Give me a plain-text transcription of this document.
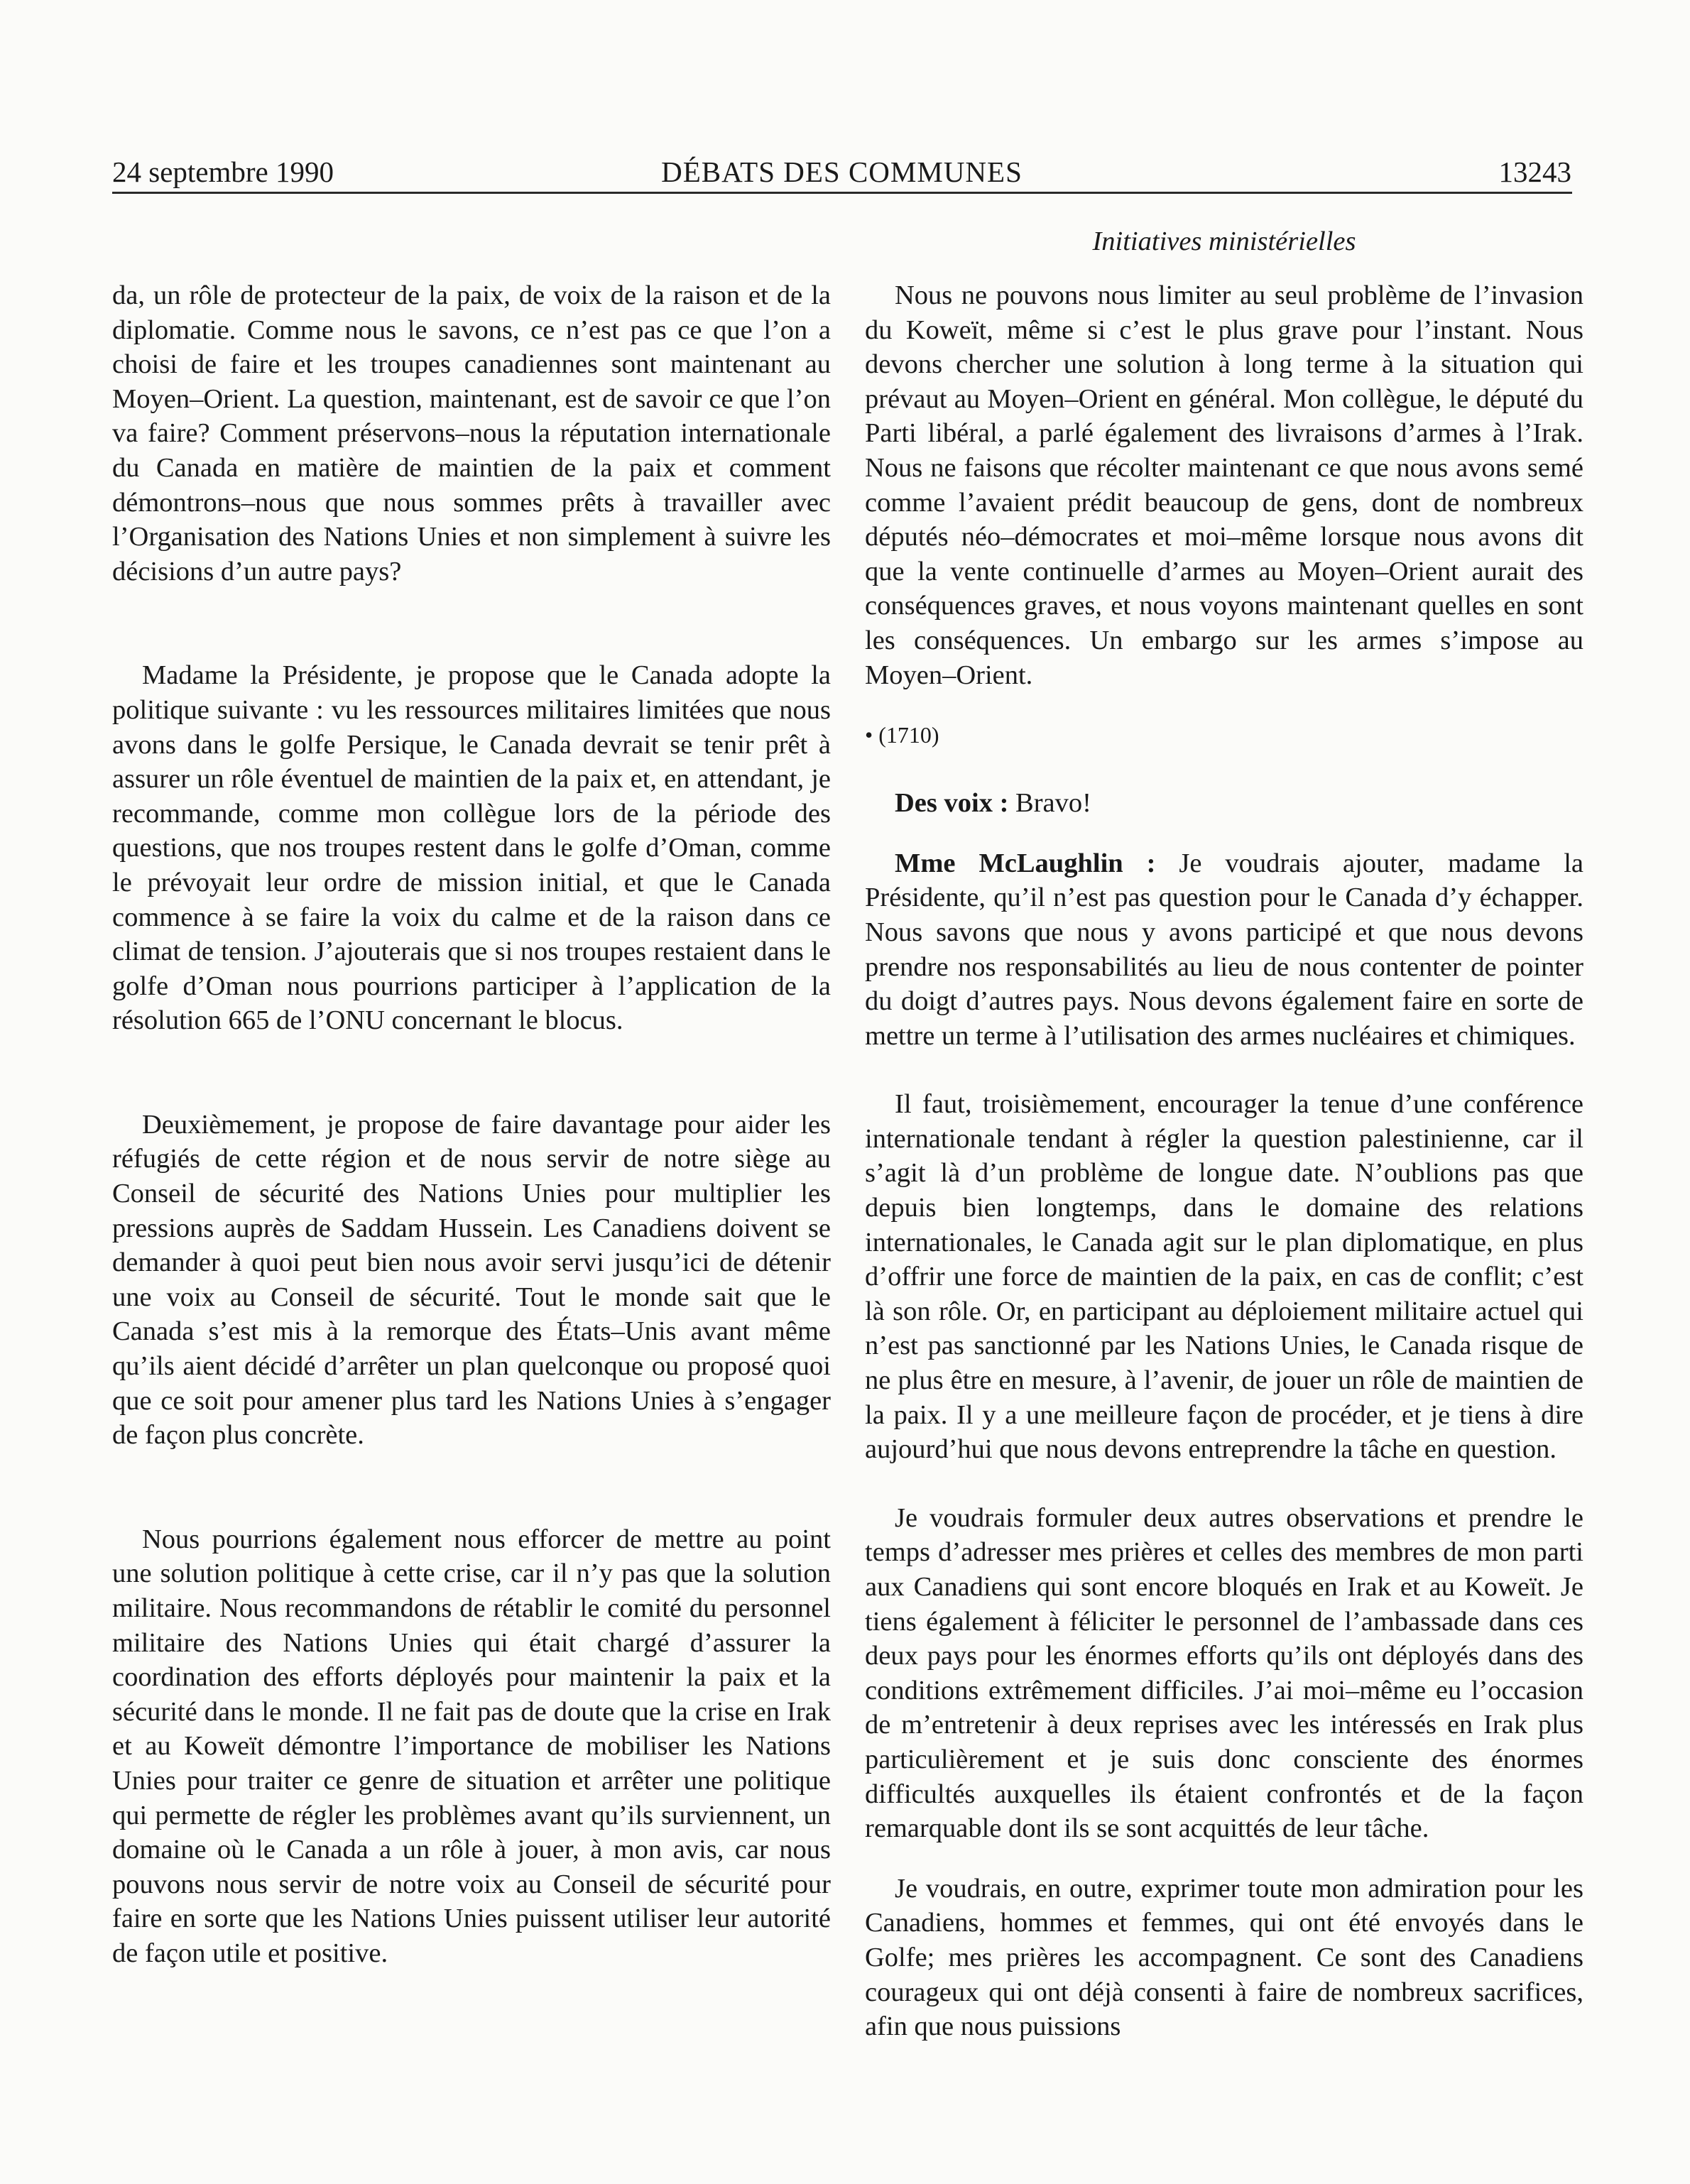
24 septembre 1990	DÉBATS DES COMMUNES	13243
Initiatives ministérielles

da, un rôle de protecteur de la paix, de voix de la raison et de la diplomatie. Comme nous le savons, ce n’est pas ce que l’on a choisi de faire et les troupes canadiennes sont maintenant au Moyen–Orient. La question, maintenant, est de savoir ce que l’on va faire? Comment préservons–nous la réputation internationale du Canada en matière de maintien de la paix et comment démontrons–nous que nous sommes prêts à travailler avec l’Organisation des Nations Unies et non simplement à suivre les décisions d’un autre pays?

Madame la Présidente, je propose que le Canada adopte la politique suivante : vu les ressources militaires limitées que nous avons dans le golfe Persique, le Canada devrait se tenir prêt à assurer un rôle éventuel de maintien de la paix et, en attendant, je recommande, comme mon collègue lors de la période des questions, que nos troupes restent dans le golfe d’Oman, comme le prévoyait leur ordre de mission initial, et que le Canada commence à se faire la voix du calme et de la raison dans ce climat de tension. J’ajouterais que si nos troupes restaient dans le golfe d’Oman nous pourrions participer à l’application de la résolution 665 de l’ONU concernant le blocus.

Deuxièmement, je propose de faire davantage pour aider les réfugiés de cette région et de nous servir de notre siège au Conseil de sécurité des Nations Unies pour multiplier les pressions auprès de Saddam Hussein. Les Canadiens doivent se demander à quoi peut bien nous avoir servi jusqu’ici de détenir une voix au Conseil de sécurité. Tout le monde sait que le Canada s’est mis à la remorque des États–Unis avant même qu’ils aient décidé d’arrêter un plan quelconque ou proposé quoi que ce soit pour amener plus tard les Nations Unies à s’engager de façon plus concrète.

Nous pourrions également nous efforcer de mettre au point une solution politique à cette crise, car il n’y pas que la solution militaire. Nous recommandons de rétablir le comité du personnel militaire des Nations Unies qui était chargé d’assurer la coordination des efforts déployés pour maintenir la paix et la sécurité dans le monde. Il ne fait pas de doute que la crise en Irak et au Koweït démontre l’importance de mobiliser les Nations Unies pour traiter ce genre de situation et arrêter une politique qui permette de régler les problèmes avant qu’ils surviennent, un domaine où le Canada a un rôle à jouer, à mon avis, car nous pouvons nous servir de notre voix au Conseil de sécurité pour faire en sorte que les Nations Unies puissent utiliser leur autorité de façon utile et positive.

Nous ne pouvons nous limiter au seul problème de l’invasion du Koweït, même si c’est le plus grave pour l’instant. Nous devons chercher une solution à long terme à la situation qui prévaut au Moyen–Orient en général. Mon collègue, le député du Parti libéral, a parlé également des livraisons d’armes à l’Irak. Nous ne faisons que récolter maintenant ce que nous avons semé comme l’avaient prédit beaucoup de gens, dont de nombreux députés néo–démocrates et moi–même lorsque nous avons dit que la vente continuelle d’armes au Moyen–Orient aurait des conséquences graves, et nous voyons maintenant quelles en sont les conséquences. Un embargo sur les armes s’impose au Moyen–Orient.

• (1710)

Des voix : Bravo!

Mme McLaughlin : Je voudrais ajouter, madame la Présidente, qu’il n’est pas question pour le Canada d’y échapper. Nous savons que nous y avons participé et que nous devons prendre nos responsabilités au lieu de nous contenter de pointer du doigt d’autres pays. Nous devons également faire en sorte de mettre un terme à l’utilisation des armes nucléaires et chimiques.

Il faut, troisièmement, encourager la tenue d’une conférence internationale tendant à régler la question palestinienne, car il s’agit là d’un problème de longue date. N’oublions pas que depuis bien longtemps, dans le domaine des relations internationales, le Canada agit sur le plan diplomatique, en plus d’offrir une force de maintien de la paix, en cas de conflit; c’est là son rôle. Or, en participant au déploiement militaire actuel qui n’est pas sanctionné par les Nations Unies, le Canada risque de ne plus être en mesure, à l’avenir, de jouer un rôle de maintien de la paix. Il y a une meilleure façon de procéder, et je tiens à dire aujourd’hui que nous devons entreprendre la tâche en question.

Je voudrais formuler deux autres observations et prendre le temps d’adresser mes prières et celles des membres de mon parti aux Canadiens qui sont encore bloqués en Irak et au Koweït. Je tiens également à féliciter le personnel de l’ambassade dans ces deux pays pour les énormes efforts qu’ils ont déployés dans des conditions extrêmement difficiles. J’ai moi–même eu l’occasion de m’entretenir à deux reprises avec les intéressés en Irak plus particulièrement et je suis donc consciente des énormes difficultés auxquelles ils étaient confrontés et de la façon remarquable dont ils se sont acquittés de leur tâche.

Je voudrais, en outre, exprimer toute mon admiration pour les Canadiens, hommes et femmes, qui ont été envoyés dans le Golfe; mes prières les accompagnent. Ce sont des Canadiens courageux qui ont déjà consenti à faire de nombreux sacrifices, afin que nous puissions
